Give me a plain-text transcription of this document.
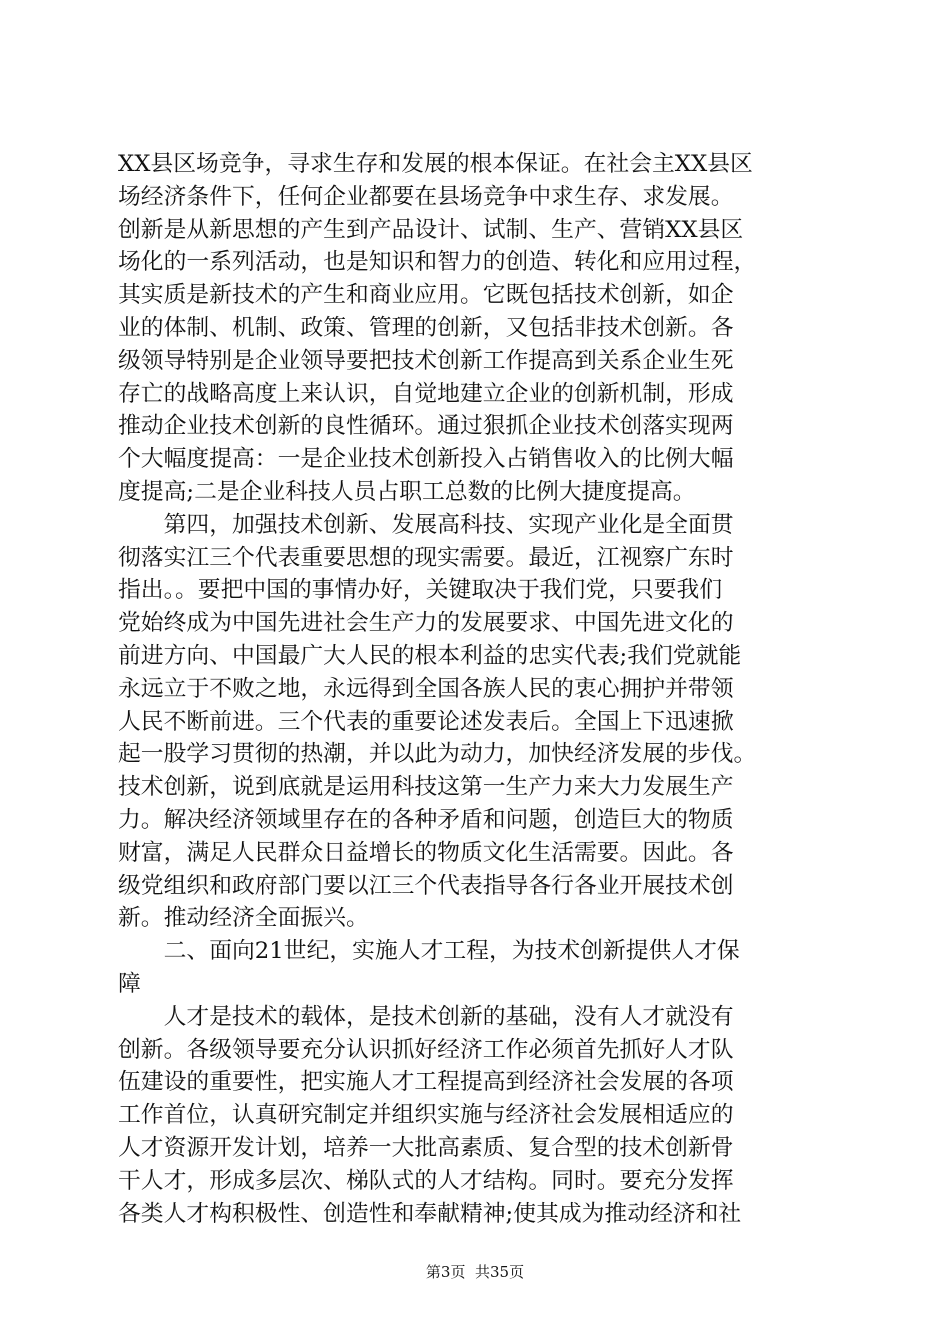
XX县区场竞争，寻求生存和发展的根本保证。在社会主XX县区
场经济条件下，任何企业都要在县场竞争中求生存、求发展。
创新是从新思想的产生到产品设计、试制、生产、营销XX县区
场化的一系列活动，也是知识和智力的创造、转化和应用过程，
其实质是新技术的产生和商业应用。它既包括技术创新，如企
业的体制、机制、政策、管理的创新，又包括非技术创新。各
级领导特别是企业领导要把技术创新工作提高到关系企业生死
存亡的战略高度上来认识，自觉地建立企业的创新机制，形成
推动企业技术创新的良性循环。通过狠抓企业技术创落实现两
个大幅度提高：一是企业技术创新投入占销售收入的比例大幅
度提高;二是企业科技人员占职工总数的比例大捷度提高。
　　第四，加强技术创新、发展高科技、实现产业化是全面贯
彻落实江三个代表重要思想的现实需要。最近，江视察广东时
指出。。要把中国的事情办好，关键取决于我们党，只要我们
党始终成为中国先进社会生产力的发展要求、中国先进文化的
前进方向、中国最广大人民的根本利益的忠实代表;我们党就能
永远立于不败之地，永远得到全国各族人民的衷心拥护并带领
人民不断前进。三个代表的重要论述发表后。全国上下迅速掀
起一股学习贯彻的热潮，并以此为动力，加快经济发展的步伐。
技术创新，说到底就是运用科技这第一生产力来大力发展生产
力。解决经济领域里存在的各种矛盾和问题，创造巨大的物质
财富，满足人民群众日益增长的物质文化生活需要。因此。各
级党组织和政府部门要以江三个代表指导各行各业开展技术创
新。推动经济全面振兴。
　　二、面向21世纪，实施人才工程，为技术创新提供人才保
障
　　人才是技术的载体，是技术创新的基础，没有人才就没有
创新。各级领导要充分认识抓好经济工作必须首先抓好人才队
伍建设的重要性，把实施人才工程提高到经济社会发展的各项
工作首位，认真研究制定并组织实施与经济社会发展相适应的
人才资源开发计划，培养一大批高素质、复合型的技术创新骨
干人才，形成多层次、梯队式的人才结构。同时。要充分发挥
各类人才构积极性、创造性和奉献精神;使其成为推动经济和社
第3页  共35页
